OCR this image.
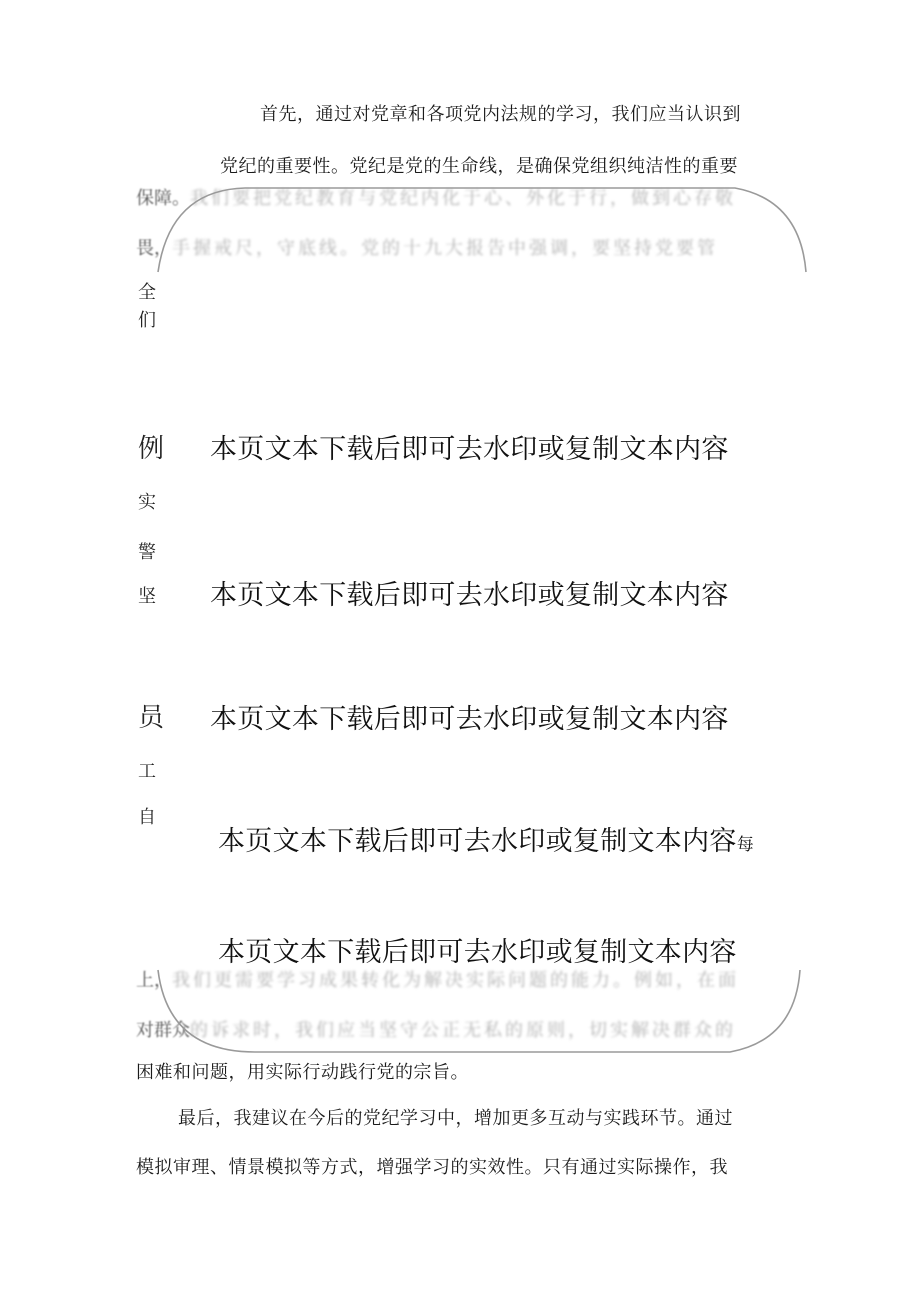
首先，通过对党章和各项党内法规的学习，我们应当认识到
党纪的重要性。党纪是党的生命线，是确保党组织纯洁性的重要
保障。我们要把党纪教育与党纪内化于心、外化于行，做到心存敬
畏，手握戒尺，守底线。党的十九大报告中强调，要坚持党要管
全
们
例
实
警
坚
员
工
自
本页文本下载后即可去水印或复制文本内容
本页文本下载后即可去水印或复制文本内容
本页文本下载后即可去水印或复制文本内容
本页文本下载后即可去水印或复制文本内容每
本页文本下载后即可去水印或复制文本内容
上，我们更需要学习成果转化为解决实际问题的能力。例如，在面
对群众的诉求时，我们应当坚守公正无私的原则，切实解决群众的
困难和问题，用实际行动践行党的宗旨。
最后，我建议在今后的党纪学习中，增加更多互动与实践环节。通过
模拟审理、情景模拟等方式，增强学习的实效性。只有通过实际操作，我
